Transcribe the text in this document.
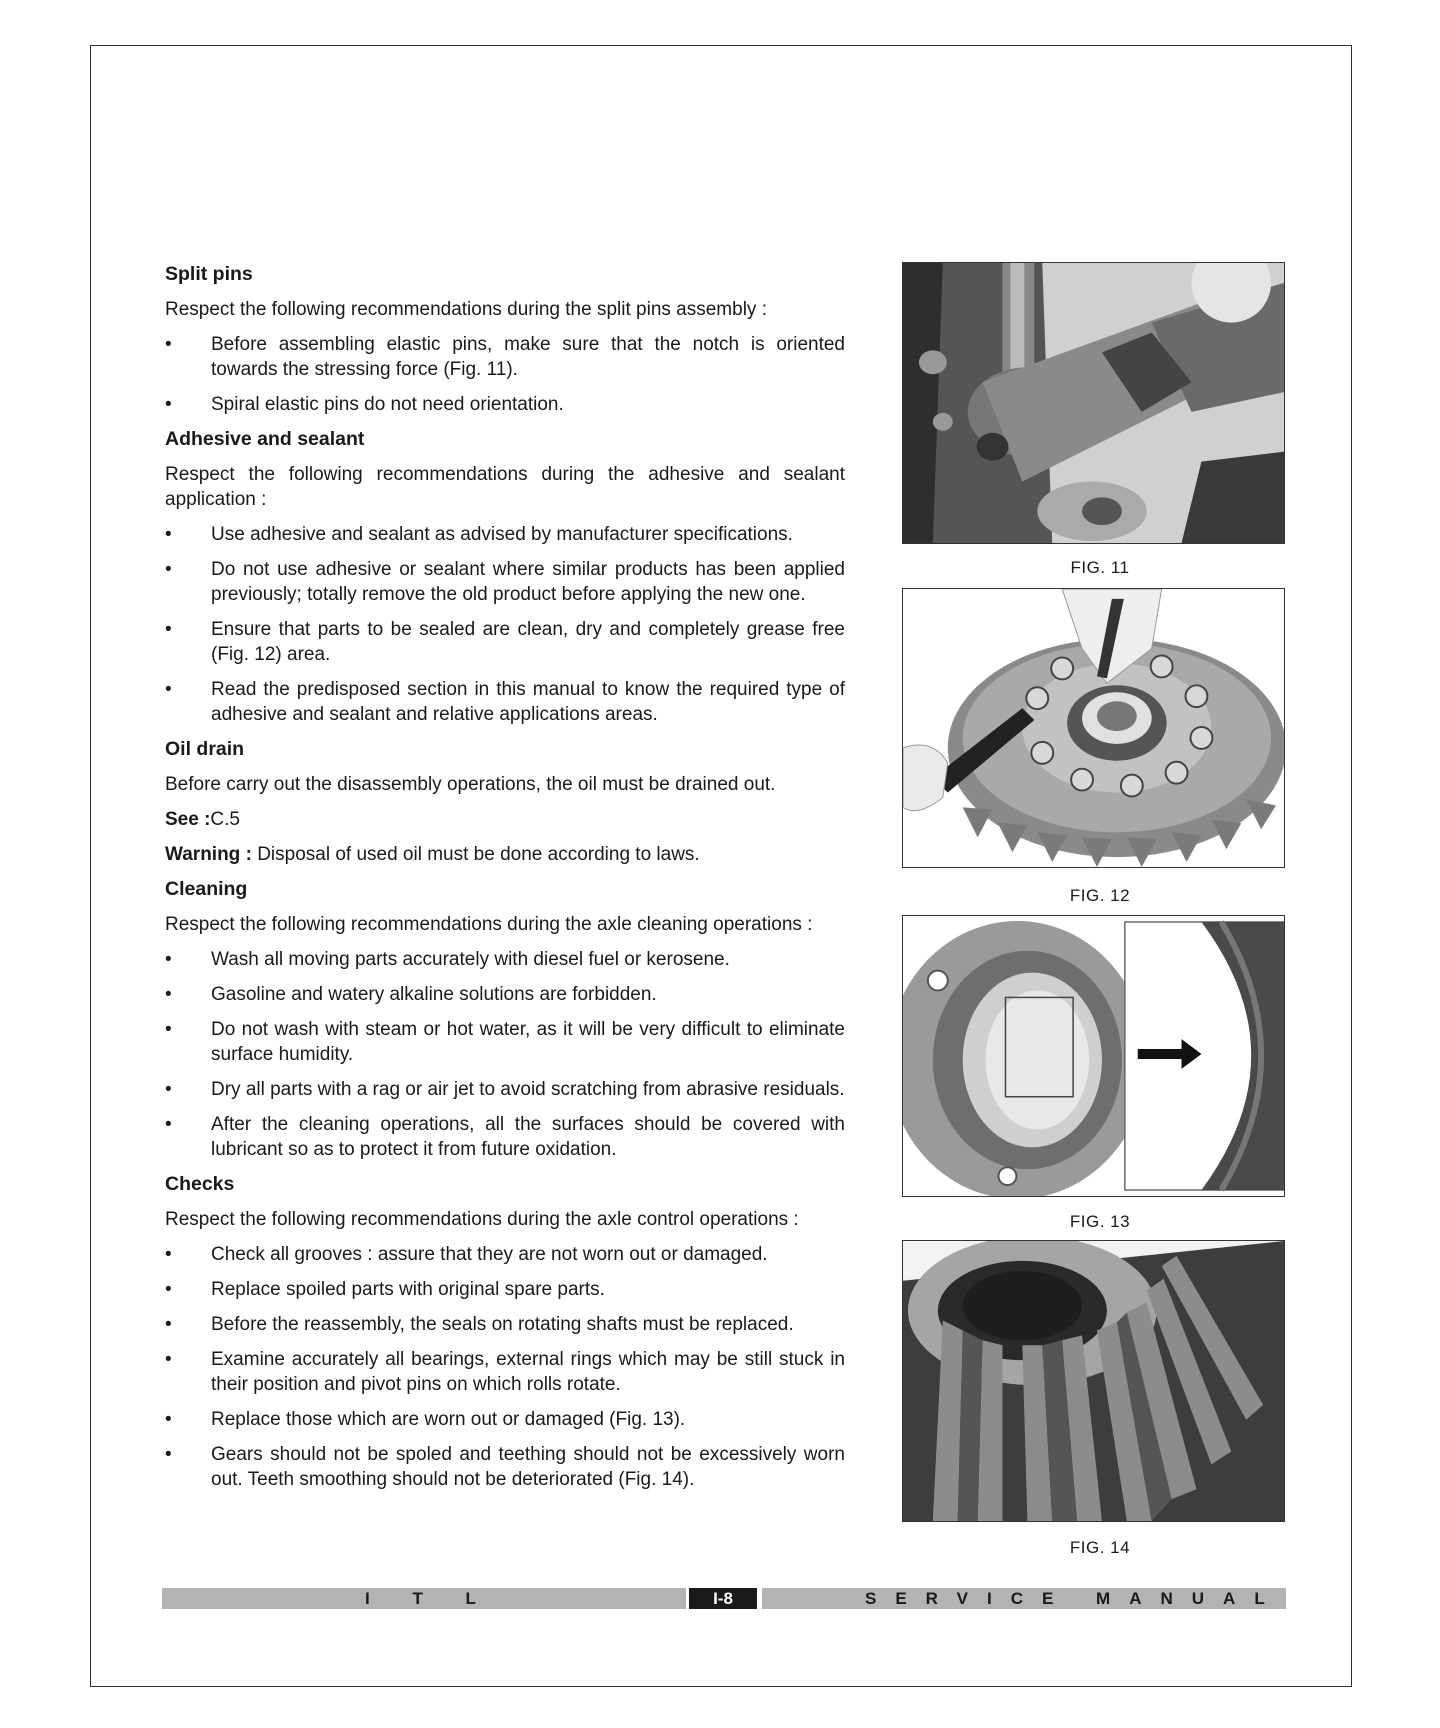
Split pins
Respect the following recommendations during the split pins assembly :
• Before assembling elastic pins, make sure that the notch is oriented towards the stressing force (Fig. 11).
• Spiral elastic pins do not need orientation.
Adhesive and sealant
Respect the following recommendations during the adhesive and sealant application :
• Use adhesive and sealant as advised by manufacturer specifications.
• Do not use adhesive or sealant where similar products has been applied previously; totally remove the old product before applying the new one.
• Ensure that parts to be sealed are clean, dry and completely grease free (Fig. 12) area.
• Read the predisposed section in this manual to know the required type of adhesive and sealant and relative applications areas.
Oil drain
Before carry out the disassembly operations, the oil must be drained out.
See :C.5
Warning : Disposal of used oil must be done according to laws.
Cleaning
Respect the following recommendations during the axle cleaning operations :
• Wash all moving parts accurately with diesel fuel or kerosene.
• Gasoline and watery alkaline solutions are forbidden.
• Do not wash with steam or hot water, as it will be very difficult to eliminate surface humidity.
• Dry all parts with a rag or air jet to avoid scratching from abrasive residuals.
• After the cleaning operations, all the surfaces should be covered with lubricant so as to protect it from future oxidation.
Checks
Respect the following recommendations during the axle control operations :
• Check all grooves : assure that they are not worn out or damaged.
• Replace spoiled parts with original spare parts.
• Before the reassembly, the seals on rotating shafts must be replaced.
• Examine accurately all bearings, external rings which may be still stuck in their position and pivot pins on which rolls rotate.
• Replace those which are worn out or damaged (Fig. 13).
• Gears should not be spoled and teething should not be excessively worn out. Teeth smoothing should not be deteriorated (Fig. 14).
FIG. 11
FIG. 12
FIG. 13
FIG. 14
I T L	I-8	SERVICE MANUAL
